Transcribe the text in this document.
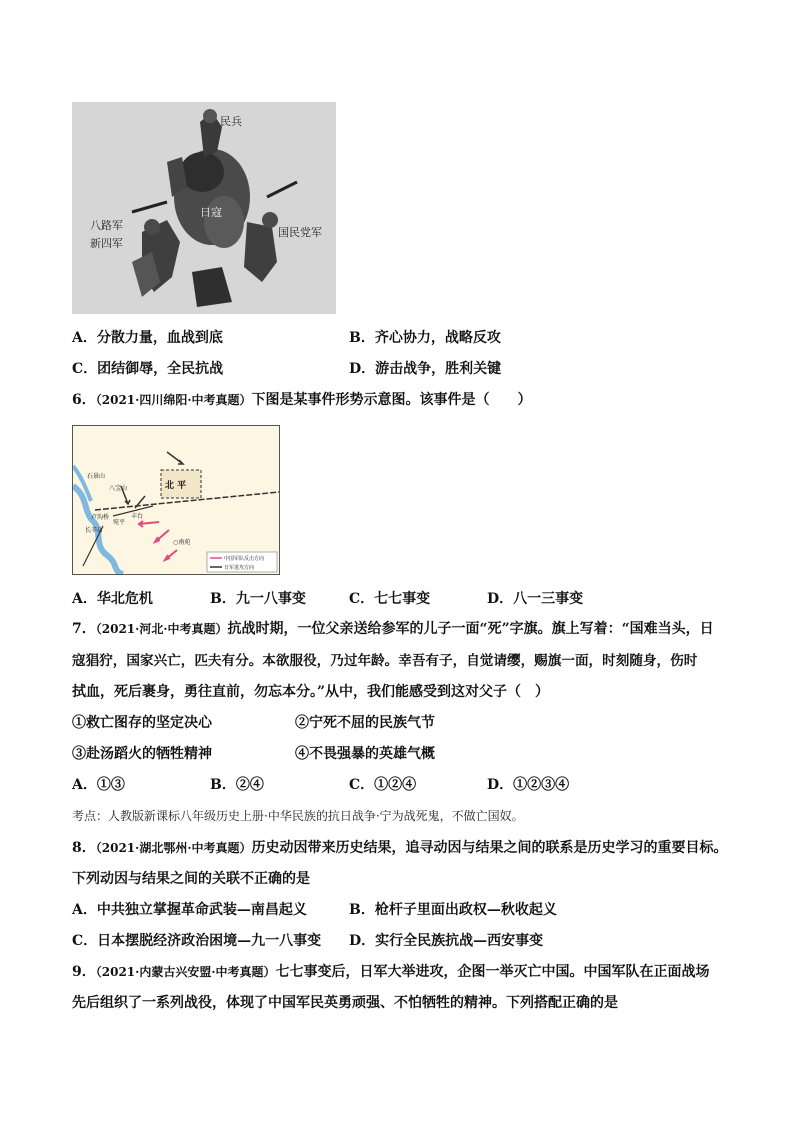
民兵
日寇
八路军
新四军
国民党军
A．分散力量，血战到底	B．齐心协力，战略反攻
C．团结御辱，全民抗战	D．游击战争，胜利关键
6．（2021·四川绵阳·中考真题）下图是某事件形势示意图。该事件是（　　）
北 平
石景山
八宝山
卢沟桥
长辛店
宛平
丰台
○南苑
中国军队反击方向
日军进攻方向
A．华北危机	B．九一八事变	C．七七事变	D．八一三事变
7．（2021·河北·中考真题）抗战时期，一位父亲送给参军的儿子一面“死”字旗。旗上写着：“国难当头，日
寇猖狞，国家兴亡，匹夫有分。本欲服役，乃过年龄。幸吾有子，自觉请缨，赐旗一面，时刻随身，伤时
拭血，死后裹身，勇往直前，勿忘本分。”从中，我们能感受到这对父子（　）
①救亡图存的坚定决心	②宁死不屈的民族气节
③赴汤蹈火的牺牲精神	④不畏强暴的英雄气概
A．①③	B．②④	C．①②④	D．①②③④
考点：人教版新课标八年级历史上册·中华民族的抗日战争·宁为战死鬼，不做亡国奴。
8．（2021·湖北鄂州·中考真题）历史动因带来历史结果，追寻动因与结果之间的联系是历史学习的重要目标。
下列动因与结果之间的关联不正确的是
A．中共独立掌握革命武装—南昌起义	B．枪杆子里面出政权—秋收起义
C．日本摆脱经济政治困境—九一八事变 D．实行全民族抗战—西安事变
9．（2021·内蒙古兴安盟·中考真题）七七事变后，日军大举进攻，企图一举灭亡中国。中国军队在正面战场
先后组织了一系列战役，体现了中国军民英勇顽强、不怕牺牲的精神。下列搭配正确的是
